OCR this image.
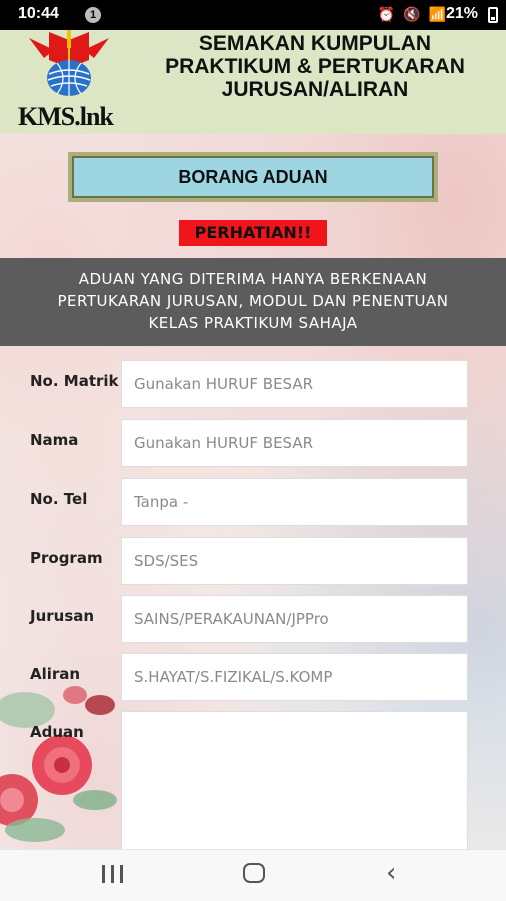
10:44	1	⏰ 🔇 📶 21%
KMS.lnk
SEMAKAN KUMPULAN
PRAKTIKUM & PERTUKARAN
JURUSAN/ALIRAN
BORANG ADUAN
PERHATIAN!!
ADUAN YANG DITERIMA HANYA BERKENAAN
PERTUKARAN JURUSAN, MODUL DAN PENENTUAN
KELAS PRAKTIKUM SAHAJA
No. Matrik
Gunakan HURUF BESAR
Nama
Gunakan HURUF BESAR
No. Tel
Tanpa -
Program
SDS/SES
Jurusan
SAINS/PERAKAUNAN/JPPro
Aliran
S.HAYAT/S.FIZIKAL/S.KOMP
Aduan
‹
